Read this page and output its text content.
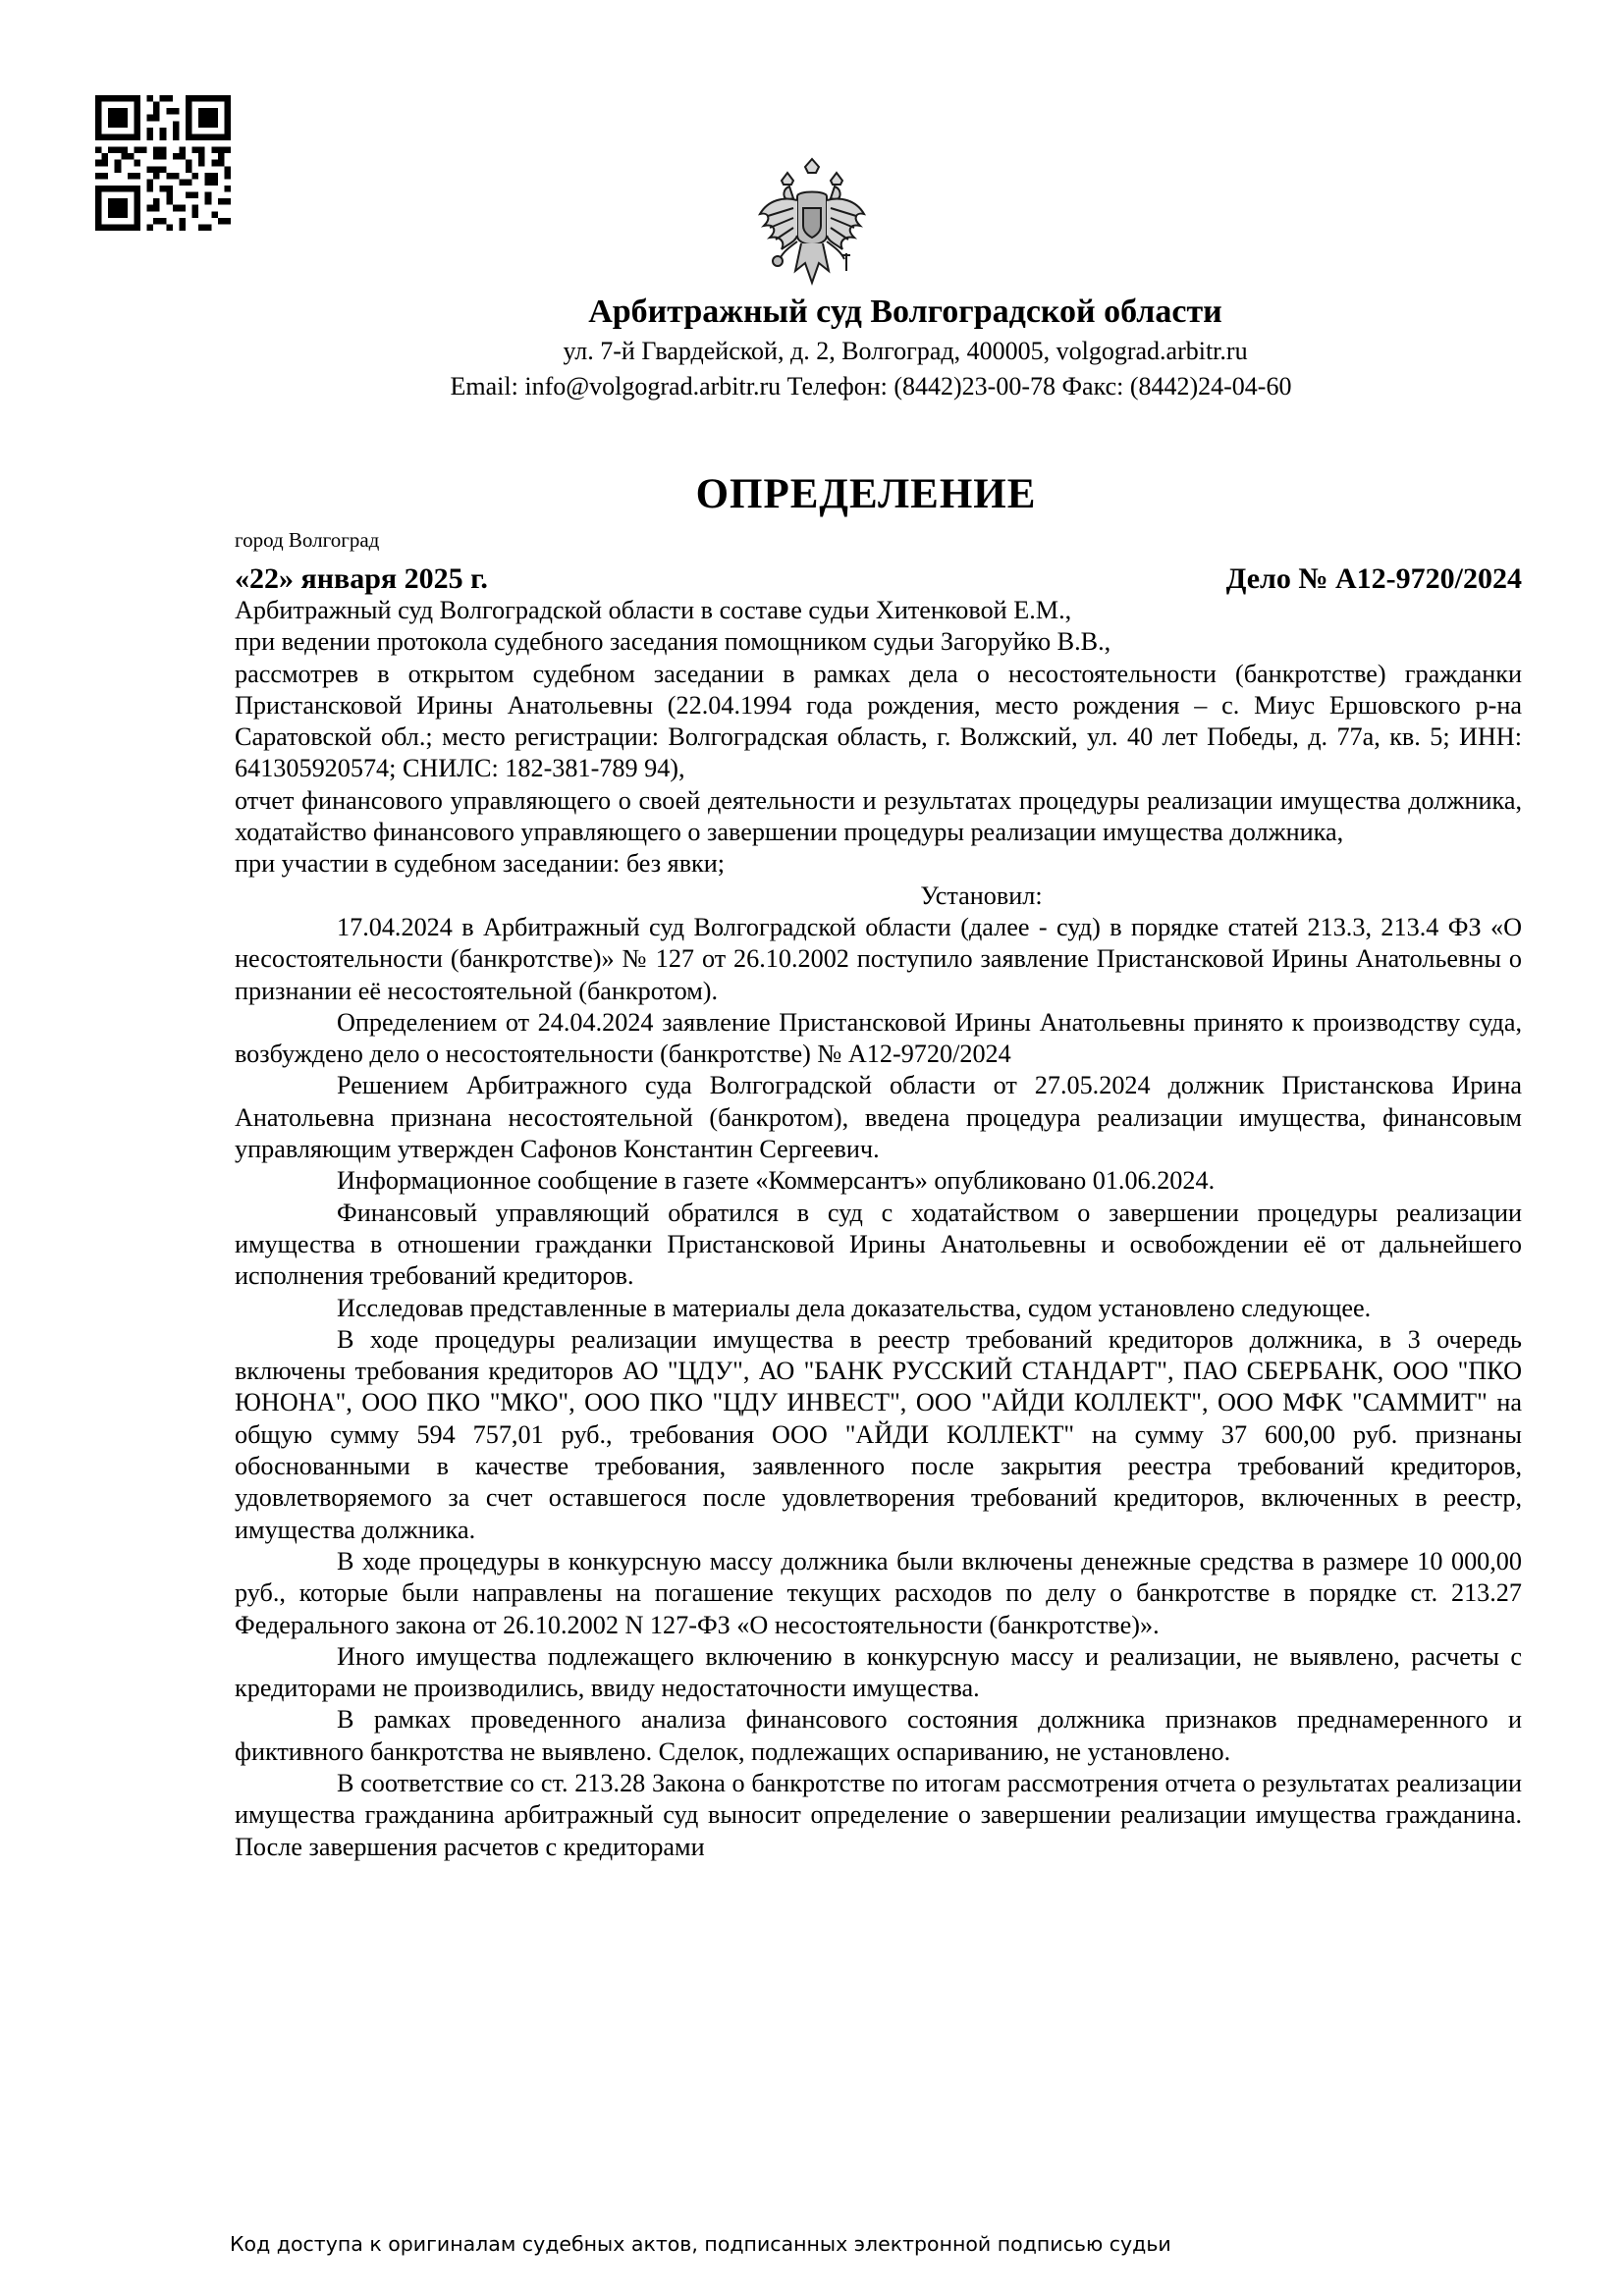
Арбитражный суд Волгоградской области
ул. 7-й Гвардейской, д. 2, Волгоград, 400005, volgograd.arbitr.ru
Email: info@volgograd.arbitr.ru Телефон: (8442)23-00-78 Факс: (8442)24-04-60
ОПРЕДЕЛЕНИЕ
город Волгоград
«22» января 2025 г.	Дело № А12-9720/2024

Арбитражный суд Волгоградской области в составе судьи Хитенковой Е.М.,

при ведении протокола судебного заседания помощником судьи Загоруйко В.В.,

рассмотрев в открытом судебном заседании в рамках дела о несостоятельности (банкротстве) гражданки Пристансковой Ирины Анатольевны (22.04.1994 года рождения, место рождения – с. Миус Ершовского р-на Саратовской обл.; место регистрации: Волгоградская область, г. Волжский, ул. 40 лет Победы, д. 77а, кв. 5; ИНН: 641305920574; СНИЛС: 182-381-789 94),

отчет финансового управляющего о своей деятельности и результатах процедуры реализации имущества должника, ходатайство финансового управляющего о завершении процедуры реализации имущества должника,

при участии в судебном заседании: без явки;

Установил:

17.04.2024 в Арбитражный суд Волгоградской области (далее - суд) в порядке статей 213.3, 213.4 ФЗ «О несостоятельности (банкротстве)» № 127 от 26.10.2002 поступило заявление Пристансковой Ирины Анатольевны о признании её несостоятельной (банкротом).

Определением от 24.04.2024 заявление Пристансковой Ирины Анатольевны принято к производству суда, возбуждено дело о несостоятельности (банкротстве) № А12-9720/2024

Решением Арбитражного суда Волгоградской области от 27.05.2024 должник Пристанскова Ирина Анатольевна признана несостоятельной (банкротом), введена процедура реализации имущества, финансовым управляющим утвержден Сафонов Константин Сергеевич.

Информационное сообщение в газете «Коммерсантъ» опубликовано 01.06.2024.

Финансовый управляющий обратился в суд с ходатайством о завершении процедуры реализации имущества в отношении гражданки Пристансковой Ирины Анатольевны и освобождении её от дальнейшего исполнения требований кредиторов.

Исследовав представленные в материалы дела доказательства, судом установлено следующее.

В ходе процедуры реализации имущества в реестр требований кредиторов должника, в 3 очередь включены требования кредиторов АО "ЦДУ", АО "БАНК РУССКИЙ СТАНДАРТ", ПАО СБЕРБАНК, ООО "ПКО ЮНОНА", ООО ПКО "МКО", ООО ПКО "ЦДУ ИНВЕСТ", ООО "АЙДИ КОЛЛЕКТ", ООО МФК "САММИТ" на общую сумму 594 757,01 руб., требования ООО "АЙДИ КОЛЛЕКТ" на сумму 37 600,00 руб. признаны обоснованными в качестве требования, заявленного после закрытия реестра требований кредиторов, удовлетворяемого за счет оставшегося после удовлетворения требований кредиторов, включенных в реестр, имущества должника.

В ходе процедуры в конкурсную массу должника были включены денежные средства в размере 10 000,00 руб., которые были направлены на погашение текущих расходов по делу о банкротстве в порядке ст. 213.27 Федерального закона от 26.10.2002 N 127-ФЗ «О несостоятельности (банкротстве)».

Иного имущества подлежащего включению в конкурсную массу и реализации, не выявлено, расчеты с кредиторами не производились, ввиду недостаточности имущества.

В рамках проведенного анализа финансового состояния должника признаков преднамеренного и фиктивного банкротства не выявлено. Сделок, подлежащих оспариванию, не установлено.

В соответствие со ст. 213.28 Закона о банкротстве по итогам рассмотрения отчета о результатах реализации имущества гражданина арбитражный суд выносит определение о завершении реализации имущества гражданина. После завершения расчетов с кредиторами

Код доступа к оригиналам судебных актов, подписанных электронной подписью судьи
